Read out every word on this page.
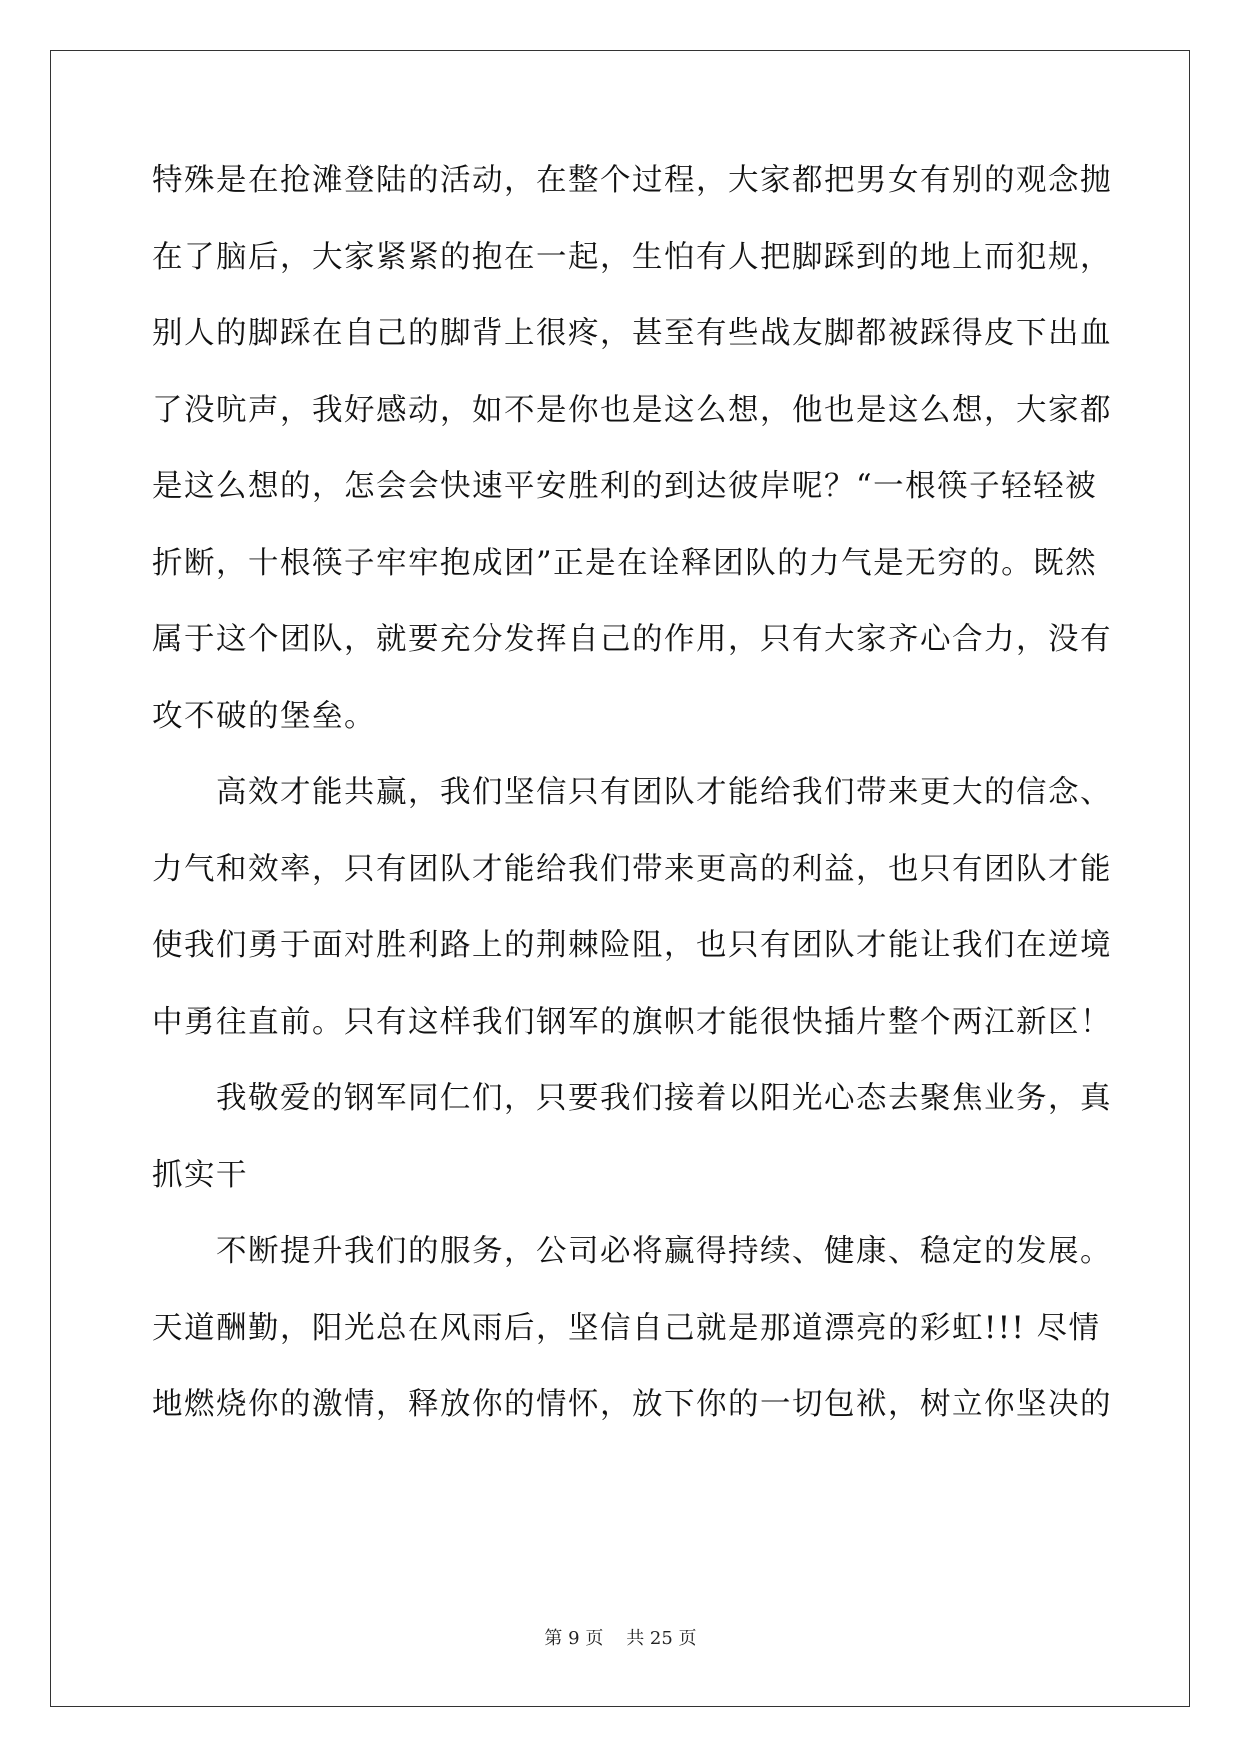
特殊是在抢滩登陆的活动，在整个过程，大家都把男女有别的观念抛
在了脑后，大家紧紧的抱在一起，生怕有人把脚踩到的地上而犯规，
别人的脚踩在自己的脚背上很疼，甚至有些战友脚都被踩得皮下出血
了没吭声，我好感动，如不是你也是这么想，他也是这么想，大家都
是这么想的，怎会会快速平安胜利的到达彼岸呢？“一根筷子轻轻被
折断，十根筷子牢牢抱成团”正是在诠释团队的力气是无穷的。既然
属于这个团队，就要充分发挥自己的作用，只有大家齐心合力，没有
攻不破的堡垒。
高效才能共赢，我们坚信只有团队才能给我们带来更大的信念、
力气和效率，只有团队才能给我们带来更高的利益，也只有团队才能
使我们勇于面对胜利路上的荆棘险阻，也只有团队才能让我们在逆境
中勇往直前。只有这样我们钢军的旗帜才能很快插片整个两江新区！
我敬爱的钢军同仁们，只要我们接着以阳光心态去聚焦业务，真
抓实干
不断提升我们的服务，公司必将赢得持续、健康、稳定的发展。
天道酬勤，阳光总在风雨后，坚信自己就是那道漂亮的彩虹!!! 尽情
地燃烧你的激情，释放你的情怀，放下你的一切包袱，树立你坚决的
第 9 页    共 25 页
